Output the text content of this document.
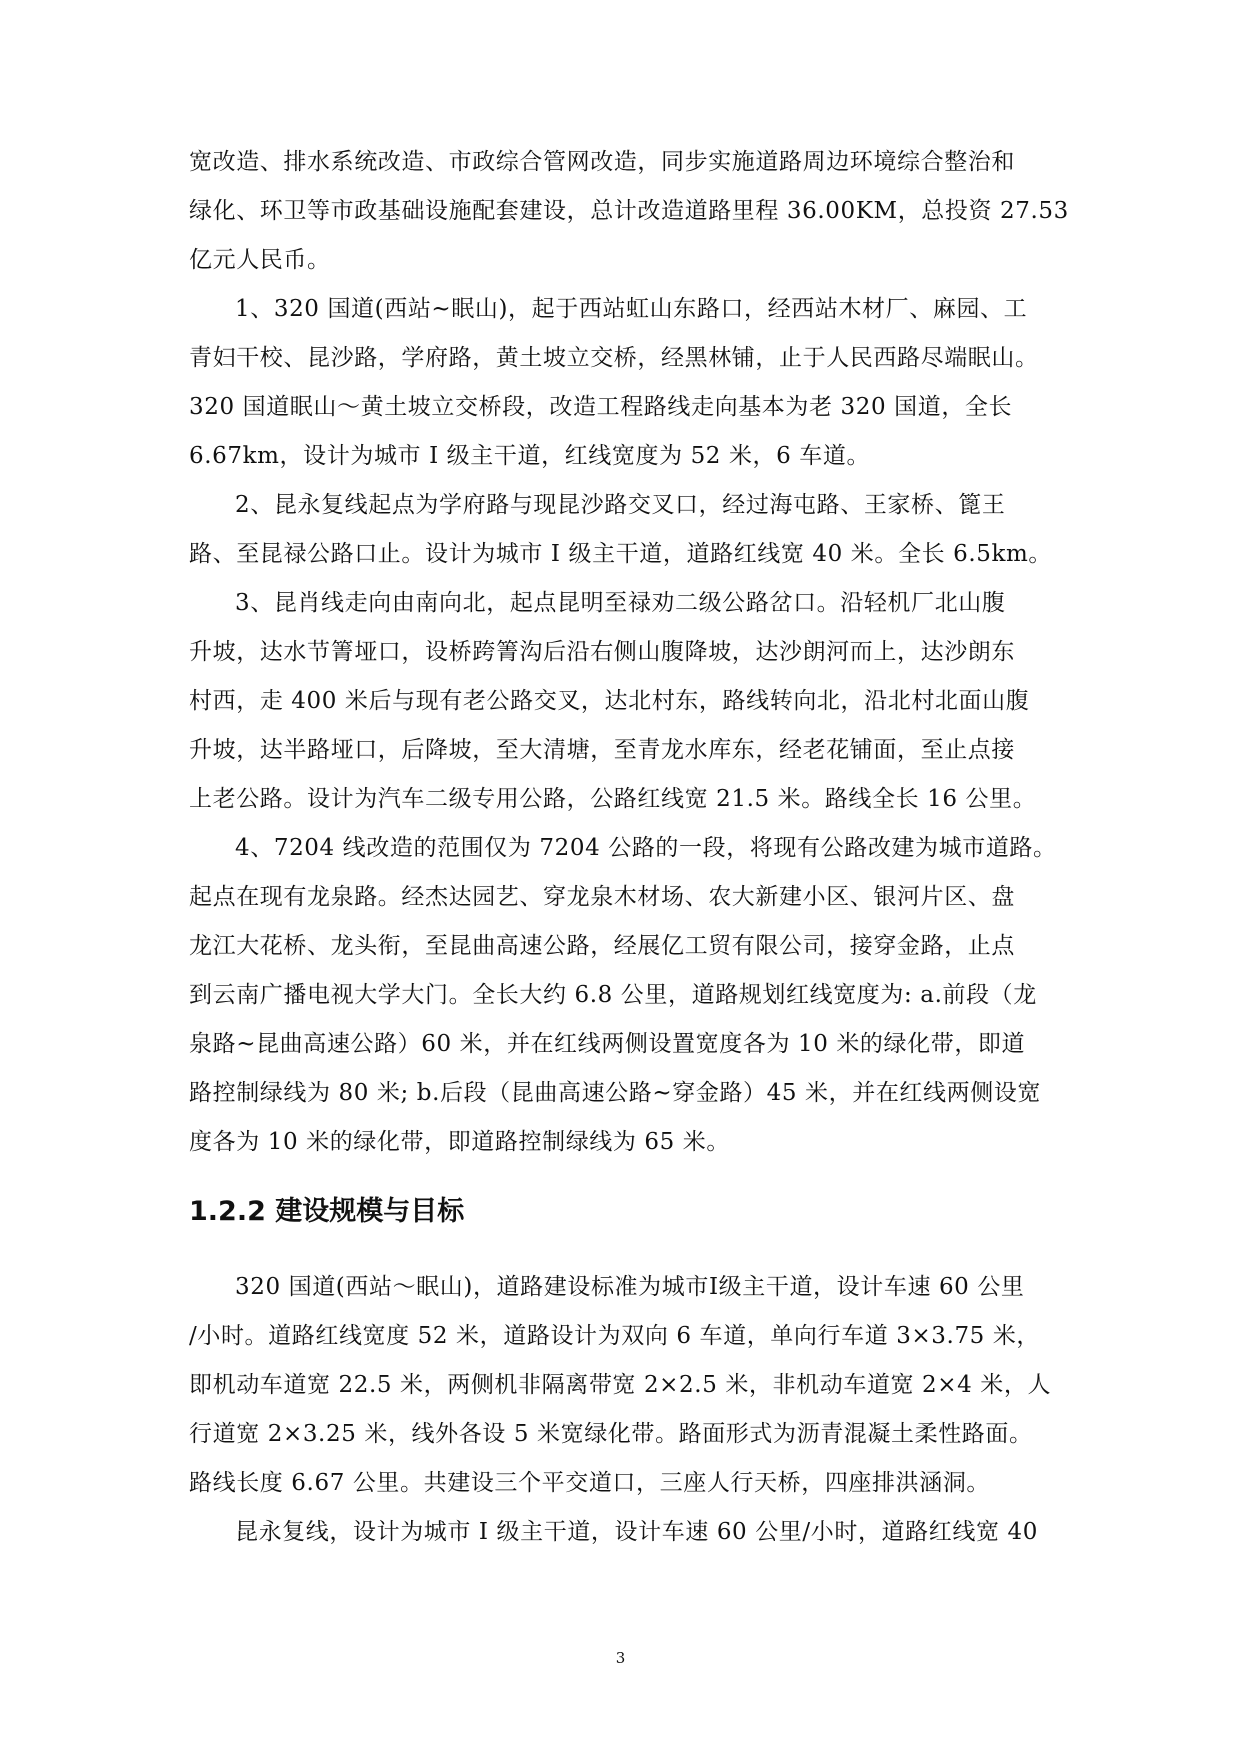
宽改造、排水系统改造、市政综合管网改造，同步实施道路周边环境综合整治和
绿化、环卫等市政基础设施配套建设，总计改造道路里程 36.00KM，总投资 27.53
亿元人民币。
1、320 国道(西站~眠山)，起于西站虹山东路口，经西站木材厂、麻园、工
青妇干校、昆沙路，学府路，黄土坡立交桥，经黑林铺，止于人民西路尽端眠山。
320 国道眠山～黄土坡立交桥段，改造工程路线走向基本为老 320 国道，全长
6.67km，设计为城市 I 级主干道，红线宽度为 52 米，6 车道。
2、昆永复线起点为学府路与现昆沙路交叉口，经过海屯路、王家桥、篦王
路、至昆禄公路口止。设计为城市 I 级主干道，道路红线宽 40 米。全长 6.5km。
3、昆肖线走向由南向北，起点昆明至禄劝二级公路岔口。沿轻机厂北山腹
升坡，达水节箐垭口，设桥跨箐沟后沿右侧山腹降坡，达沙朗河而上，达沙朗东
村西，走 400 米后与现有老公路交叉，达北村东，路线转向北，沿北村北面山腹
升坡，达半路垭口，后降坡，至大清塘，至青龙水库东，经老花铺面，至止点接
上老公路。设计为汽车二级专用公路，公路红线宽 21.5 米。路线全长 16 公里。
4、7204 线改造的范围仅为 7204 公路的一段，将现有公路改建为城市道路。
起点在现有龙泉路。经杰达园艺、穿龙泉木材场、农大新建小区、银河片区、盘
龙江大花桥、龙头衔，至昆曲高速公路，经展亿工贸有限公司，接穿金路，止点
到云南广播电视大学大门。全长大约 6.8 公里，道路规划红线宽度为: a.前段（龙
泉路~昆曲高速公路）60 米，并在红线两侧设置宽度各为 10 米的绿化带，即道
路控制绿线为 80 米; b.后段（昆曲高速公路~穿金路）45 米，并在红线两侧设宽
度各为 10 米的绿化带，即道路控制绿线为 65 米。
1.2.2 建设规模与目标
320 国道(西站～眠山)，道路建设标准为城市Ⅰ级主干道，设计车速 60 公里
/小时。道路红线宽度 52 米，道路设计为双向 6 车道，单向行车道 3×3.75 米，
即机动车道宽 22.5 米，两侧机非隔离带宽 2×2.5 米，非机动车道宽 2×4 米，人
行道宽 2×3.25 米，线外各设 5 米宽绿化带。路面形式为沥青混凝土柔性路面。
路线长度 6.67 公里。共建设三个平交道口，三座人行天桥，四座排洪涵洞。
昆永复线，设计为城市 I 级主干道，设计车速 60 公里/小时，道路红线宽 40
3
